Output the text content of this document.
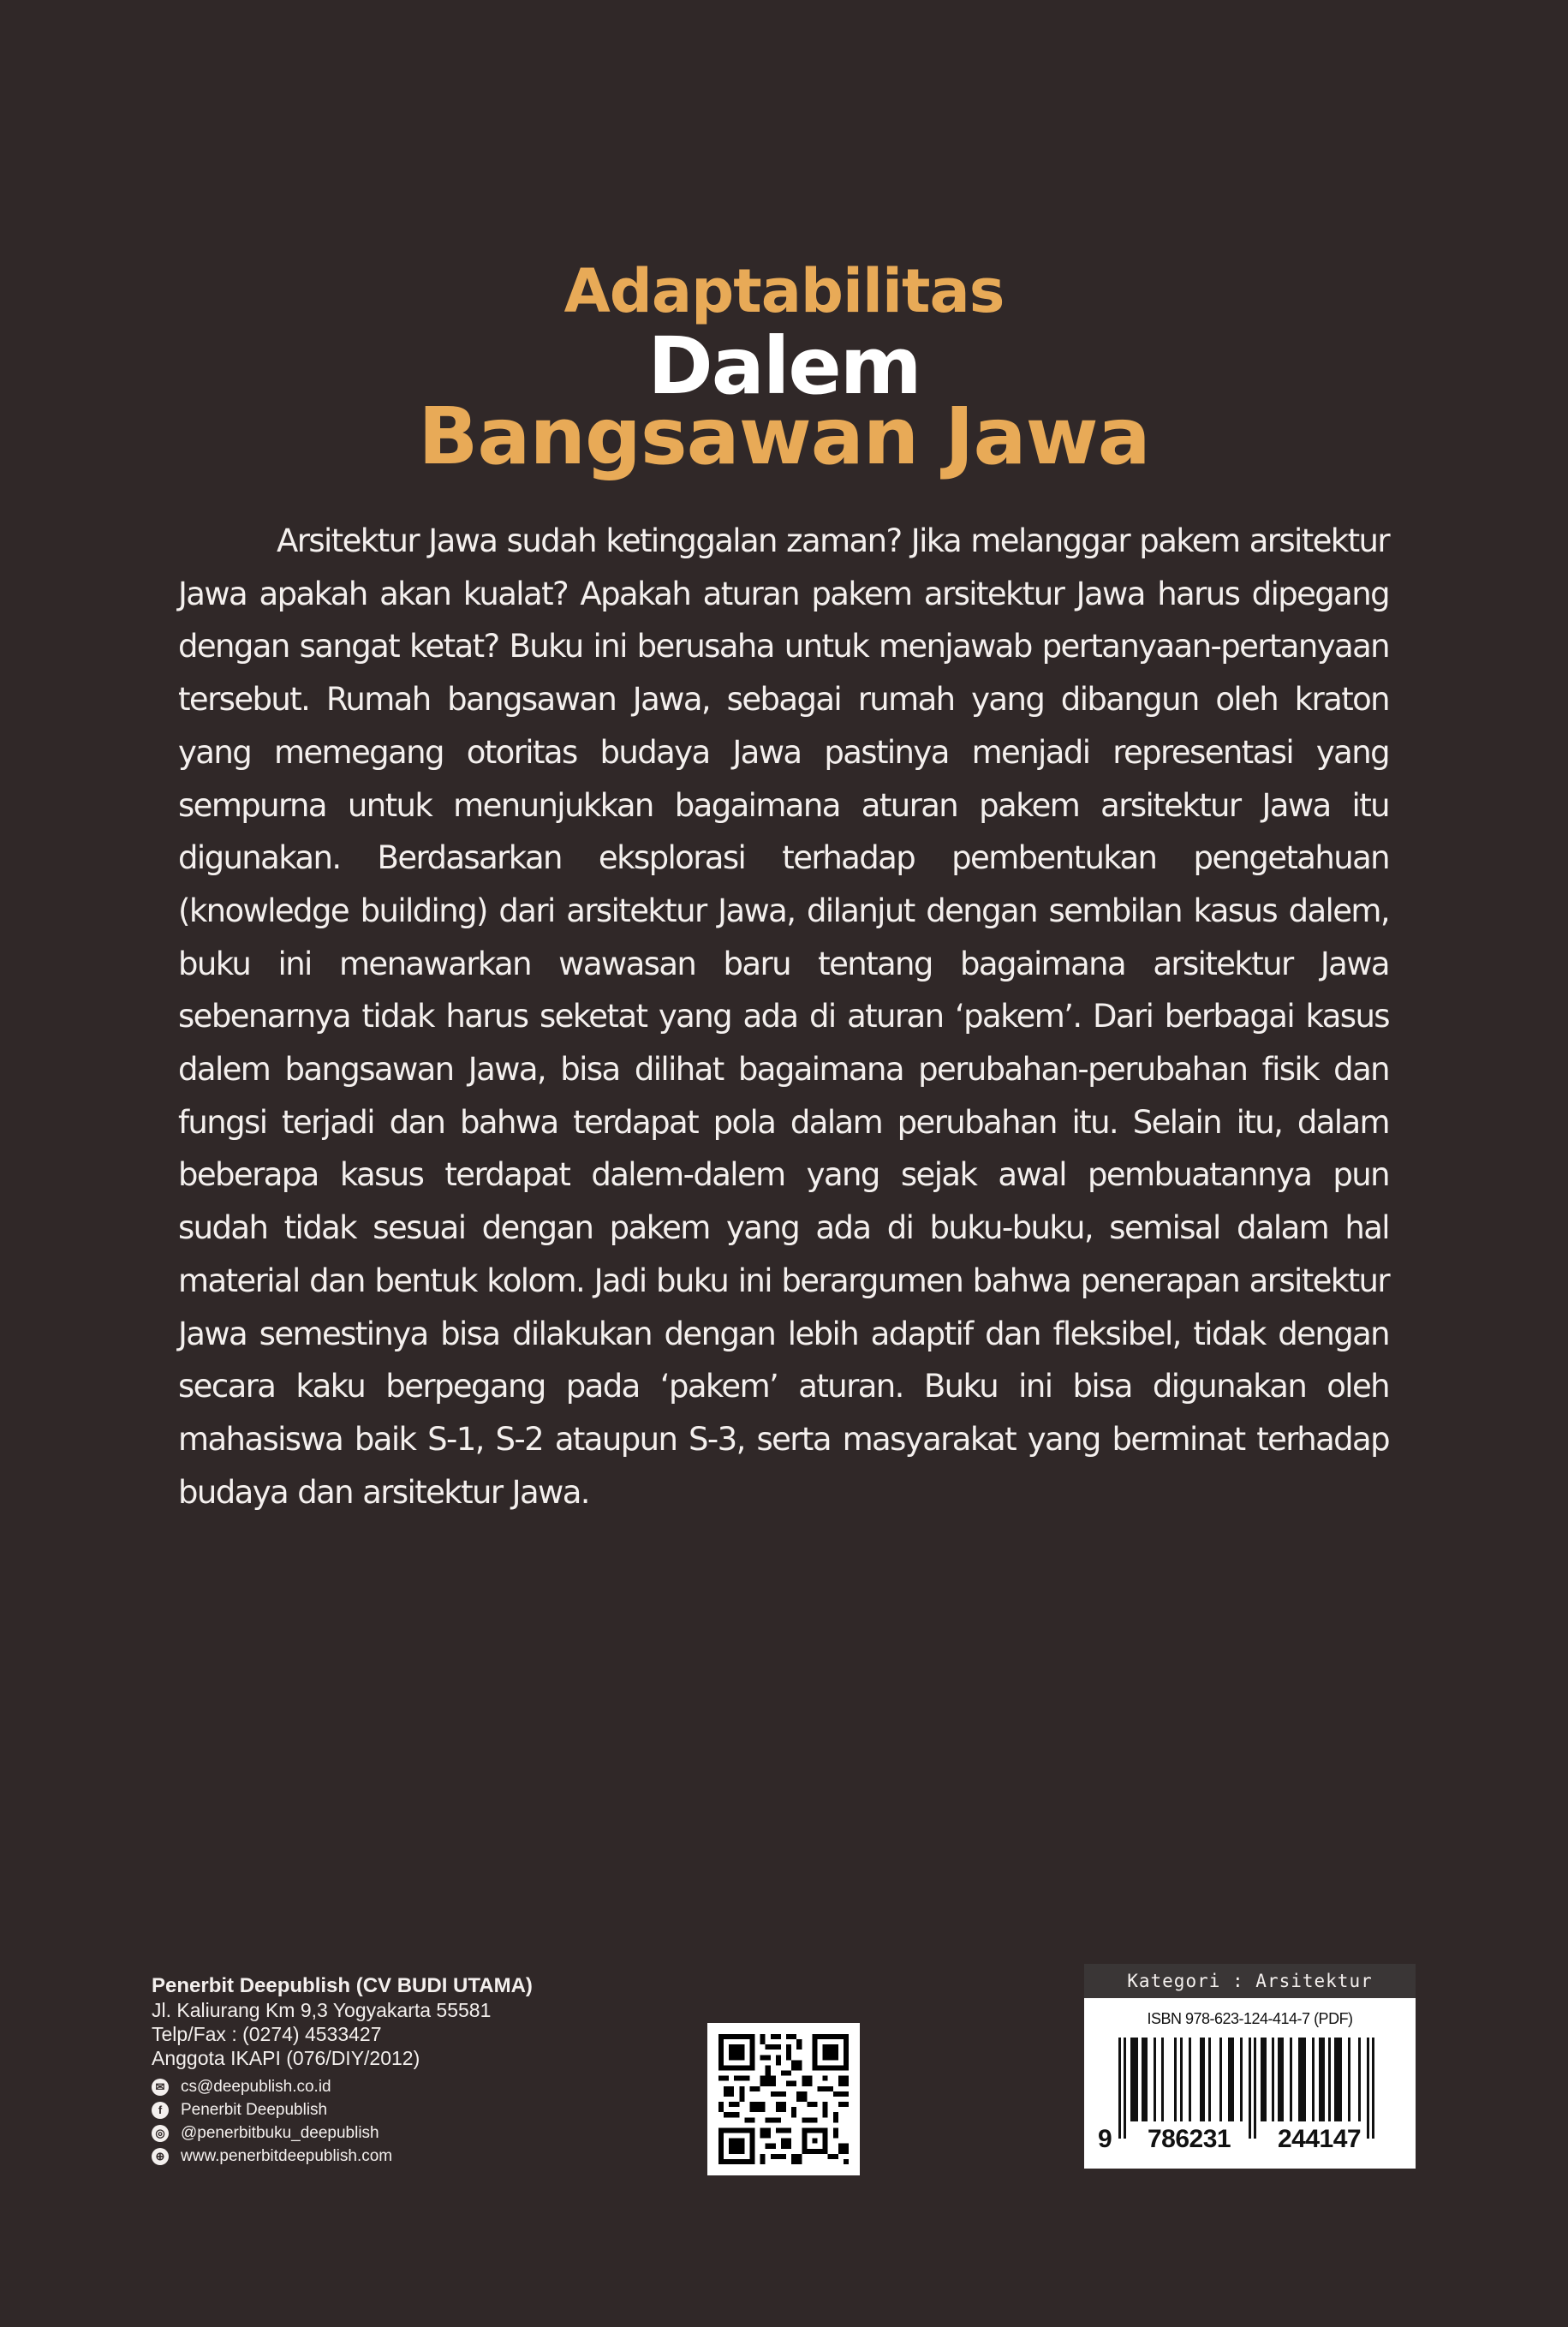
Adaptabilitas
Dalem
Bangsawan Jawa

Arsitektur Jawa sudah ketinggalan zaman? Jika melanggar pakem arsitektur Jawa apakah akan kualat? Apakah aturan pakem arsitektur Jawa harus dipegang dengan sangat ketat? Buku ini berusaha untuk menjawab pertanyaan-pertanyaan tersebut. Rumah bangsawan Jawa, sebagai rumah yang dibangun oleh kraton yang memegang otoritas budaya Jawa pastinya menjadi representasi yang sempurna untuk menunjukkan bagaimana aturan pakem arsitektur Jawa itu digunakan. Berdasarkan eksplorasi terhadap pembentukan pengetahuan (knowledge building) dari arsitektur Jawa, dilanjut dengan sembilan kasus dalem, buku ini menawarkan wawasan baru tentang bagaimana arsitektur Jawa sebenarnya tidak harus seketat yang ada di aturan ‘pakem’. Dari berbagai kasus dalem bangsawan Jawa, bisa dilihat bagaimana perubahan-perubahan fisik dan fungsi terjadi dan bahwa terdapat pola dalam perubahan itu. Selain itu, dalam beberapa kasus terdapat dalem-dalem yang sejak awal pembuatannya pun sudah tidak sesuai dengan pakem yang ada di buku-buku, semisal dalam hal material dan bentuk kolom. Jadi buku ini berargumen bahwa penerapan arsitektur Jawa semestinya bisa dilakukan dengan lebih adaptif dan fleksibel, tidak dengan secara kaku berpegang pada ‘pakem’ aturan. Buku ini bisa digunakan oleh mahasiswa baik S-1, S-2 ataupun S-3, serta masyarakat yang berminat terhadap budaya dan arsitektur Jawa.

Penerbit Deepublish (CV BUDI UTAMA)
Jl. Kaliurang Km 9,3 Yogyakarta 55581
Telp/Fax : (0274) 4533427
Anggota IKAPI (076/DIY/2012)
✉ cs@deepublish.co.id
f	Penerbit Deepublish
◎ @penerbitbuku_deepublish
⊕ www.penerbitdeepublish.com
Kategori : Arsitektur
ISBN 978-623-124-414-7 (PDF)
9 786231 244147
